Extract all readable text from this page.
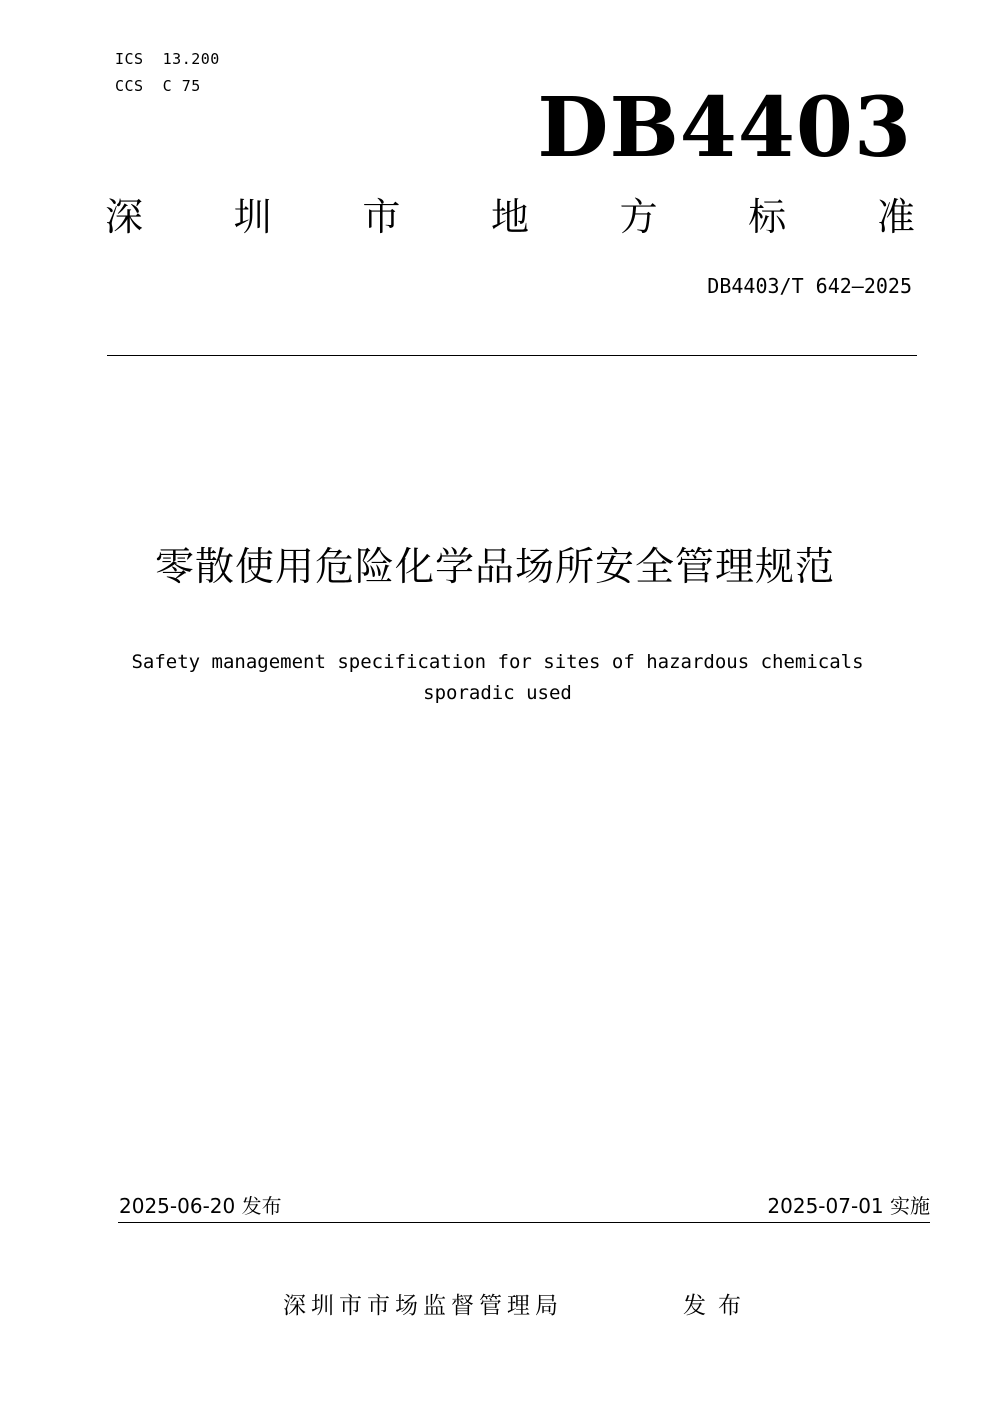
ICS  13.200
CCS  C 75	DB4403
深 圳 市 地 方 标 准
DB4403/T 642—2025
零散使用危险化学品场所安全管理规范
Safety management specification for sites of hazardous chemicals sporadic used
2025-06-20 发布	2025-07-01 实施
深圳市市场监督管理局	发布
